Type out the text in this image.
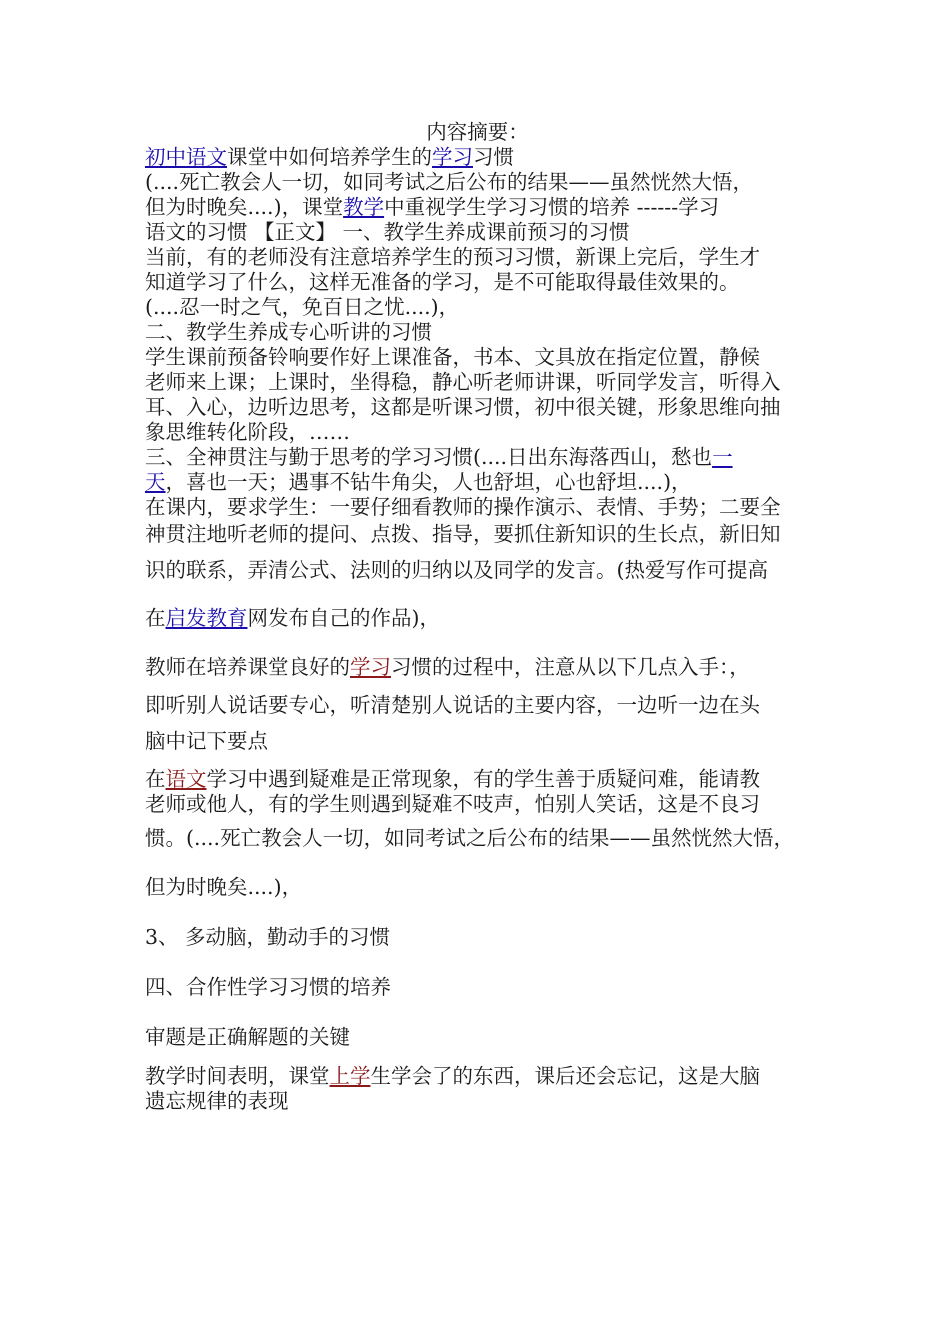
内容摘要：
初中语文课堂中如何培养学生的学习习惯
(....死亡教会人一切，如同考试之后公布的结果——虽然恍然大悟，
但为时晚矣....)，课堂教学中重视学生学习习惯的培养 ------学习
语文的习惯 【正文】 一、教学生养成课前预习的习惯
当前，有的老师没有注意培养学生的预习习惯，新课上完后，学生才
知道学习了什么，这样无准备的学习，是不可能取得最佳效果的。
(....忍一时之气，免百日之忧....)，
二、教学生养成专心听讲的习惯
学生课前预备铃响要作好上课准备，书本、文具放在指定位置，静候
老师来上课；上课时，坐得稳，静心听老师讲课，听同学发言，听得入
耳、入心，边听边思考，这都是听课习惯，初中很关键，形象思维向抽
象思维转化阶段，……
三、全神贯注与勤于思考的学习习惯(....日出东海落西山，愁也一
天，喜也一天；遇事不钻牛角尖，人也舒坦，心也舒坦....)，
在课内，要求学生：一要仔细看教师的操作演示、表情、手势；二要全
神贯注地听老师的提问、点拨、指导，要抓住新知识的生长点，新旧知
识的联系，弄清公式、法则的归纳以及同学的发言。(热爱写作可提高
在启发教育网发布自己的作品)，
教师在培养课堂良好的学习习惯的过程中，注意从以下几点入手：，
即听别人说话要专心，听清楚别人说话的主要内容，一边听一边在头
脑中记下要点
在语文学习中遇到疑难是正常现象，有的学生善于质疑问难，能请教
老师或他人，有的学生则遇到疑难不吱声，怕别人笑话，这是不良习
惯。(....死亡教会人一切，如同考试之后公布的结果——虽然恍然大悟，
但为时晚矣....)，
3、 多动脑，勤动手的习惯
四、合作性学习习惯的培养
审题是正确解题的关键
教学时间表明，课堂上学生学会了的东西，课后还会忘记，这是大脑
遗忘规律的表现
